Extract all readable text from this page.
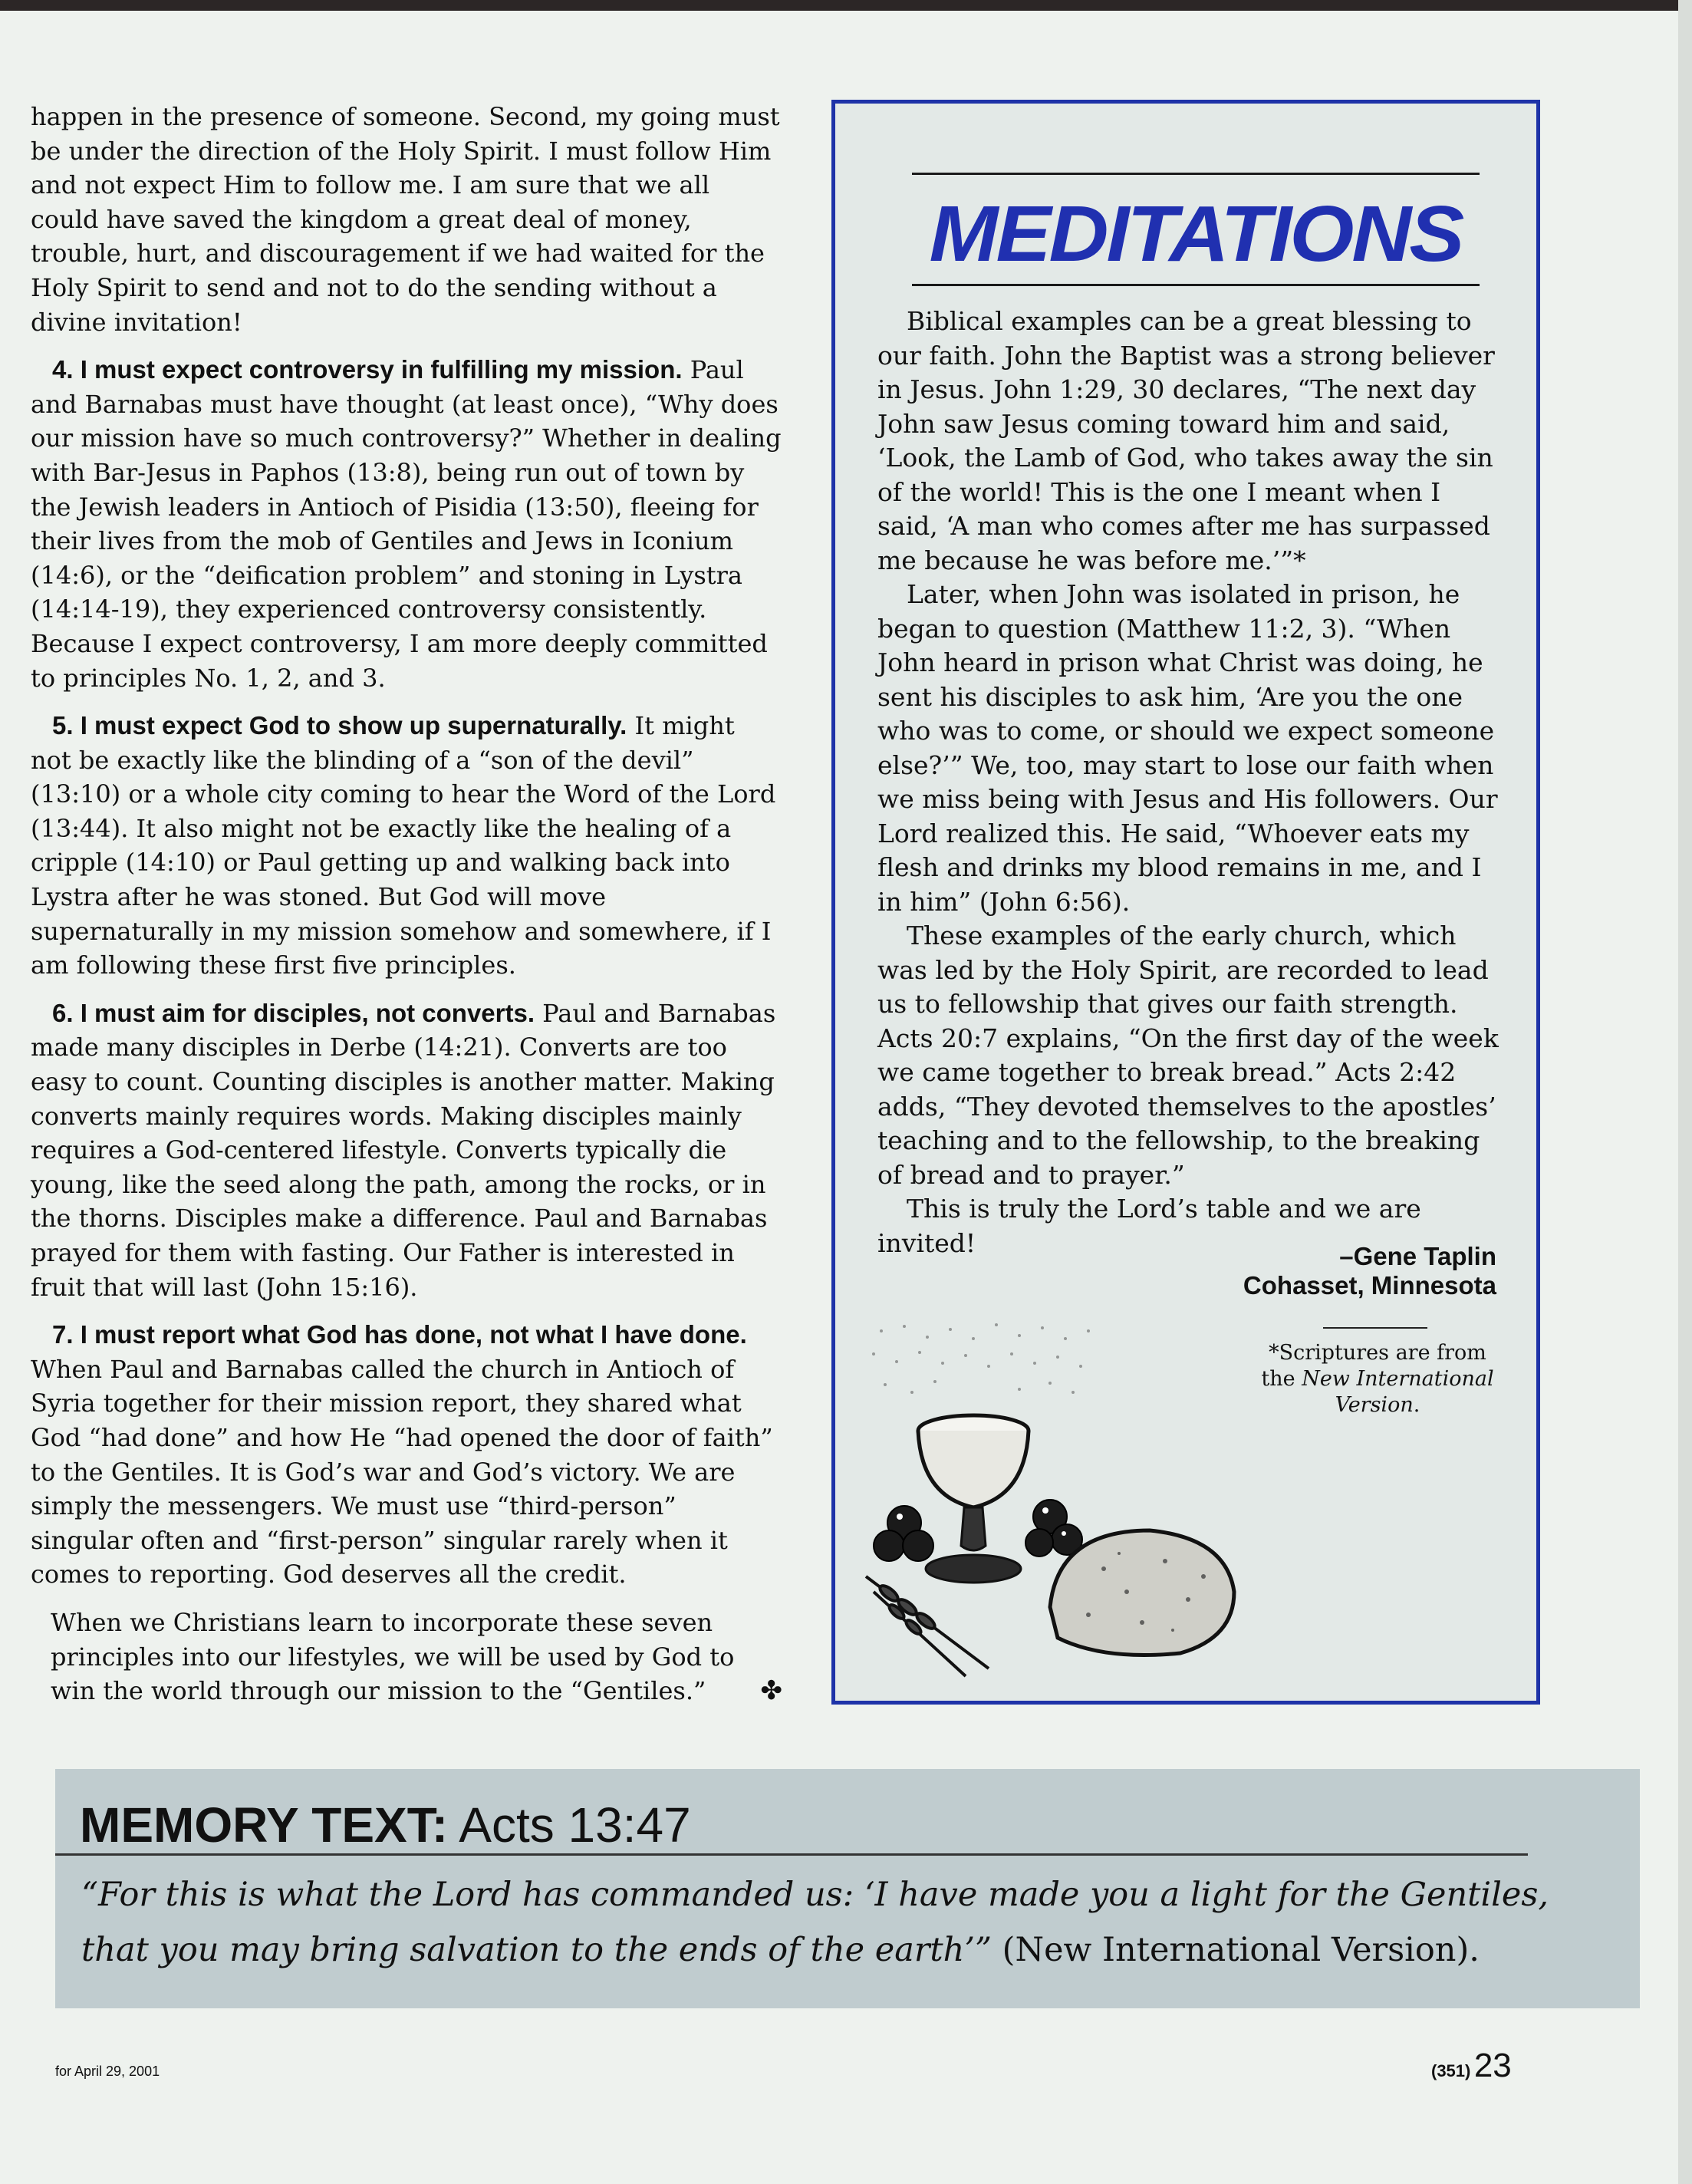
happen in the presence of someone. Second, my going must be under the direction of the Holy Spirit. I must follow Him and not expect Him to follow me. I am sure that we all could have saved the kingdom a great deal of money, trouble, hurt, and discouragement if we had waited for the Holy Spirit to send and not to do the sending without a divine invitation!

4. I must expect controversy in fulfilling my mission. Paul and Barnabas must have thought (at least once), “Why does our mission have so much controversy?” Whether in dealing with Bar-Jesus in Paphos (13:8), being run out of town by the Jewish leaders in Antioch of Pisidia (13:50), fleeing for their lives from the mob of Gentiles and Jews in Iconium (14:6), or the “deification problem” and stoning in Lystra (14:14-19), they experienced controversy consistently. Because I expect controversy, I am more deeply committed to principles No. 1, 2, and 3.

5. I must expect God to show up supernaturally. It might not be exactly like the blinding of a “son of the devil” (13:10) or a whole city coming to hear the Word of the Lord (13:44). It also might not be exactly like the healing of a cripple (14:10) or Paul getting up and walking back into Lystra after he was stoned. But God will move supernaturally in my mission somehow and somewhere, if I am following these first five principles.

6. I must aim for disciples, not converts. Paul and Barnabas made many disciples in Derbe (14:21). Converts are too easy to count. Counting disciples is another matter. Making converts mainly requires words. Making disciples mainly requires a God-centered lifestyle. Converts typically die young, like the seed along the path, among the rocks, or in the thorns. Disciples make a difference. Paul and Barnabas prayed for them with fasting. Our Father is interested in fruit that will last (John 15:16).

7. I must report what God has done, not what I have done. When Paul and Barnabas called the church in Antioch of Syria together for their mission report, they shared what God “had done” and how He “had opened the door of faith” to the Gentiles. It is God’s war and God’s victory. We are simply the messengers. We must use “third-person” singular often and “first-person” singular rarely when it comes to reporting. God deserves all the credit.

When we Christians learn to incorporate these seven principles into our lifestyles, we will be used by God to win the world through our mission to the “Gentiles.”	✤
MEDITATIONS

Biblical examples can be a great blessing to our faith. John the Baptist was a strong believer in Jesus. John 1:29, 30 declares, “The next day John saw Jesus coming toward him and said, ‘Look, the Lamb of God, who takes away the sin of the world! This is the one I meant when I said, ‘A man who comes after me has surpassed me because he was before me.’”*

Later, when John was isolated in prison, he began to question (Matthew 11:2, 3). “When John heard in prison what Christ was doing, he sent his disciples to ask him, ‘Are you the one who was to come, or should we expect someone else?’” We, too, may start to lose our faith when we miss being with Jesus and His followers. Our Lord realized this. He said, “Whoever eats my flesh and drinks my blood remains in me, and I in him” (John 6:56).

These examples of the early church, which was led by the Holy Spirit, are recorded to lead us to fellowship that gives our faith strength. Acts 20:7 explains, “On the first day of the week we came together to break bread.” Acts 2:42 adds, “They devoted themselves to the apostles’ teaching and to the fellowship, to the breaking of bread and to prayer.”

This is truly the Lord’s table and we are invited!	–Gene Taplin
Cohasset, Minnesota
*Scriptures are from the New International Version.
MEMORY TEXT: Acts 13:47
“For this is what the Lord has commanded us: ‘I have made you a light for the Gentiles, that you may bring salvation to the ends of the earth’” (New International Version).
for April 29, 2001	(351) 23
